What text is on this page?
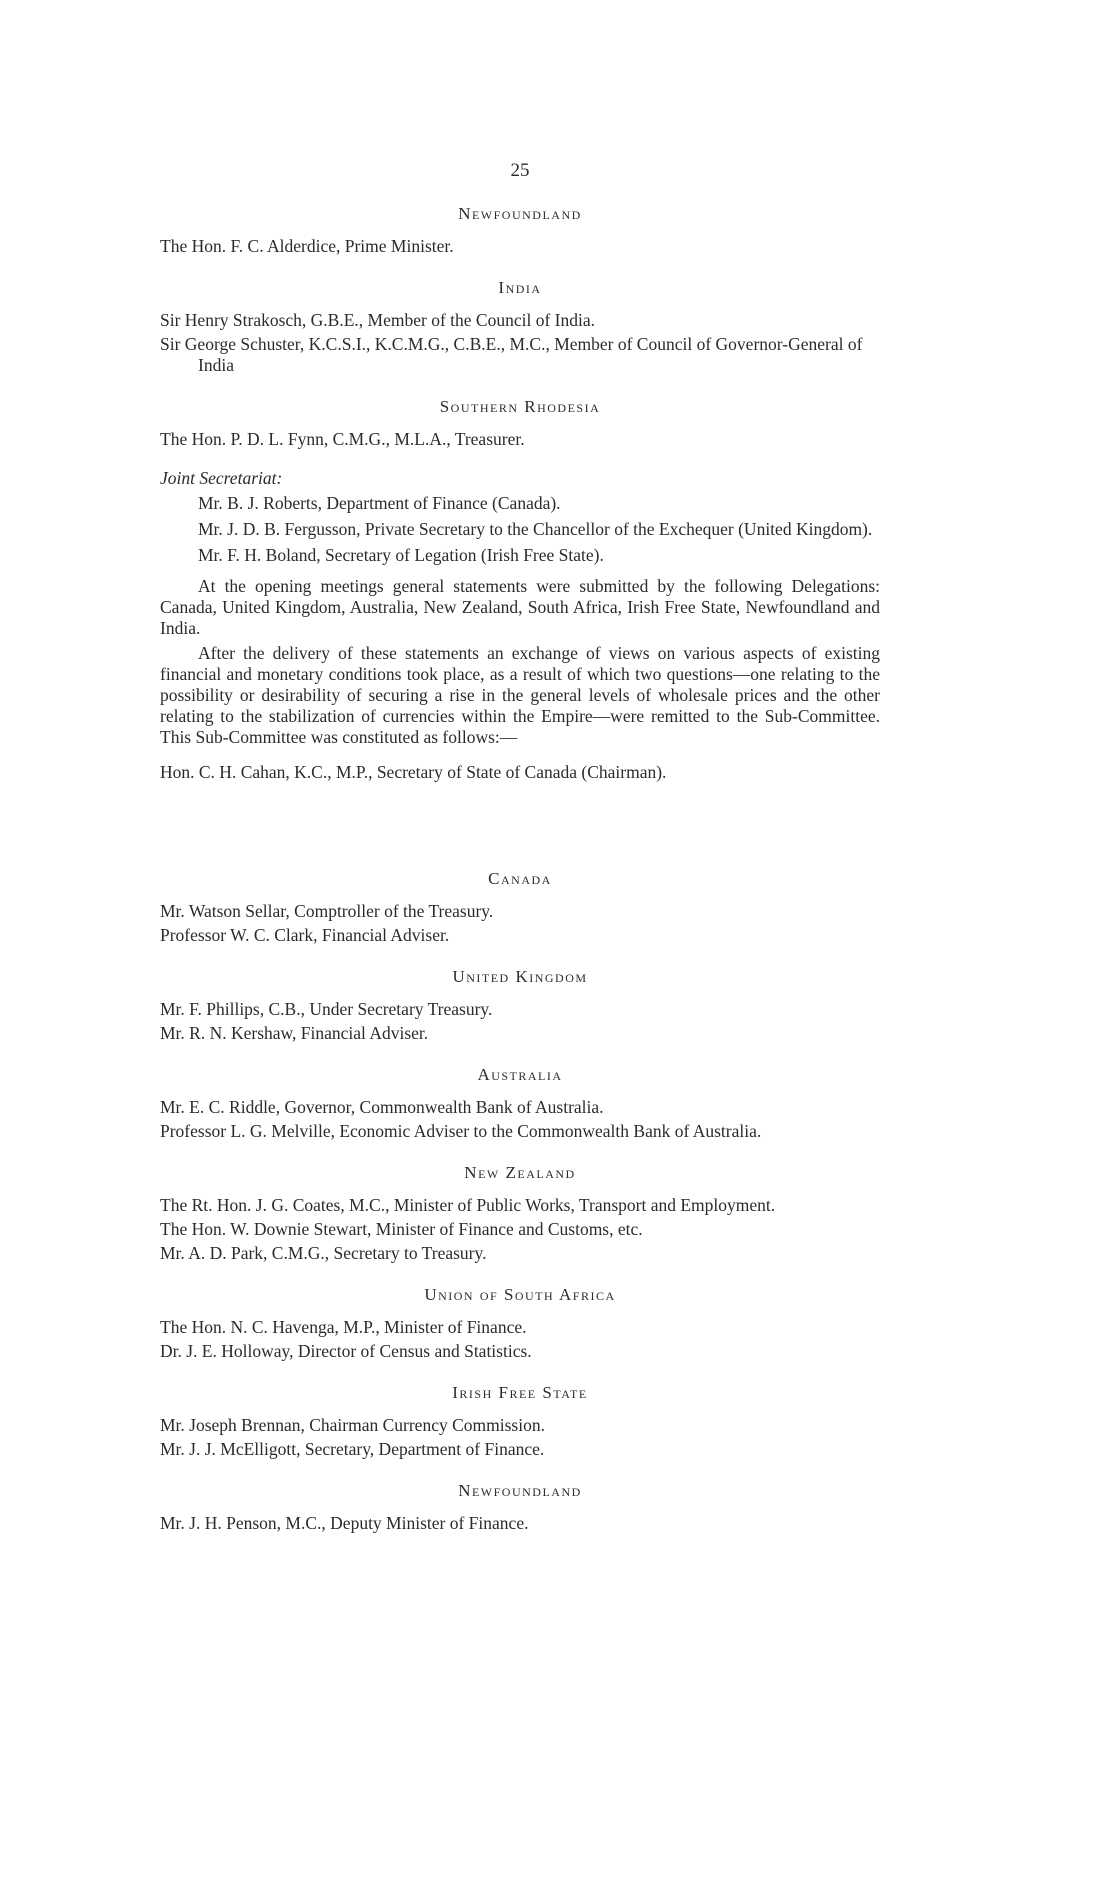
25
Newfoundland
The Hon. F. C. Alderdice, Prime Minister.
India
Sir Henry Strakosch, G.B.E., Member of the Council of India.
Sir George Schuster, K.C.S.I., K.C.M.G., C.B.E., M.C., Member of Council of Governor-General of India
Southern Rhodesia
The Hon. P. D. L. Fynn, C.M.G., M.L.A., Treasurer.
Joint Secretariat:
Mr. B. J. Roberts, Department of Finance (Canada).
Mr. J. D. B. Fergusson, Private Secretary to the Chancellor of the Exchequer (United Kingdom).
Mr. F. H. Boland, Secretary of Legation (Irish Free State).

At the opening meetings general statements were submitted by the following Delegations: Canada, United Kingdom, Australia, New Zealand, South Africa, Irish Free State, Newfoundland and India.

After the delivery of these statements an exchange of views on various aspects of existing financial and monetary conditions took place, as a result of which two questions—one relating to the possibility or desirability of securing a rise in the general levels of wholesale prices and the other relating to the stabilization of currencies within the Empire—were remitted to the Sub-Committee. This Sub-Committee was constituted as follows:—

Hon. C. H. Cahan, K.C., M.P., Secretary of State of Canada (Chairman).
Canada
Mr. Watson Sellar, Comptroller of the Treasury.
Professor W. C. Clark, Financial Adviser.
United Kingdom
Mr. F. Phillips, C.B., Under Secretary Treasury.
Mr. R. N. Kershaw, Financial Adviser.
Australia
Mr. E. C. Riddle, Governor, Commonwealth Bank of Australia.
Professor L. G. Melville, Economic Adviser to the Commonwealth Bank of Australia.
New Zealand
The Rt. Hon. J. G. Coates, M.C., Minister of Public Works, Transport and Employment.
The Hon. W. Downie Stewart, Minister of Finance and Customs, etc.
Mr. A. D. Park, C.M.G., Secretary to Treasury.
Union of South Africa
The Hon. N. C. Havenga, M.P., Minister of Finance.
Dr. J. E. Holloway, Director of Census and Statistics.
Irish Free State
Mr. Joseph Brennan, Chairman Currency Commission.
Mr. J. J. McElligott, Secretary, Department of Finance.
Newfoundland
Mr. J. H. Penson, M.C., Deputy Minister of Finance.
